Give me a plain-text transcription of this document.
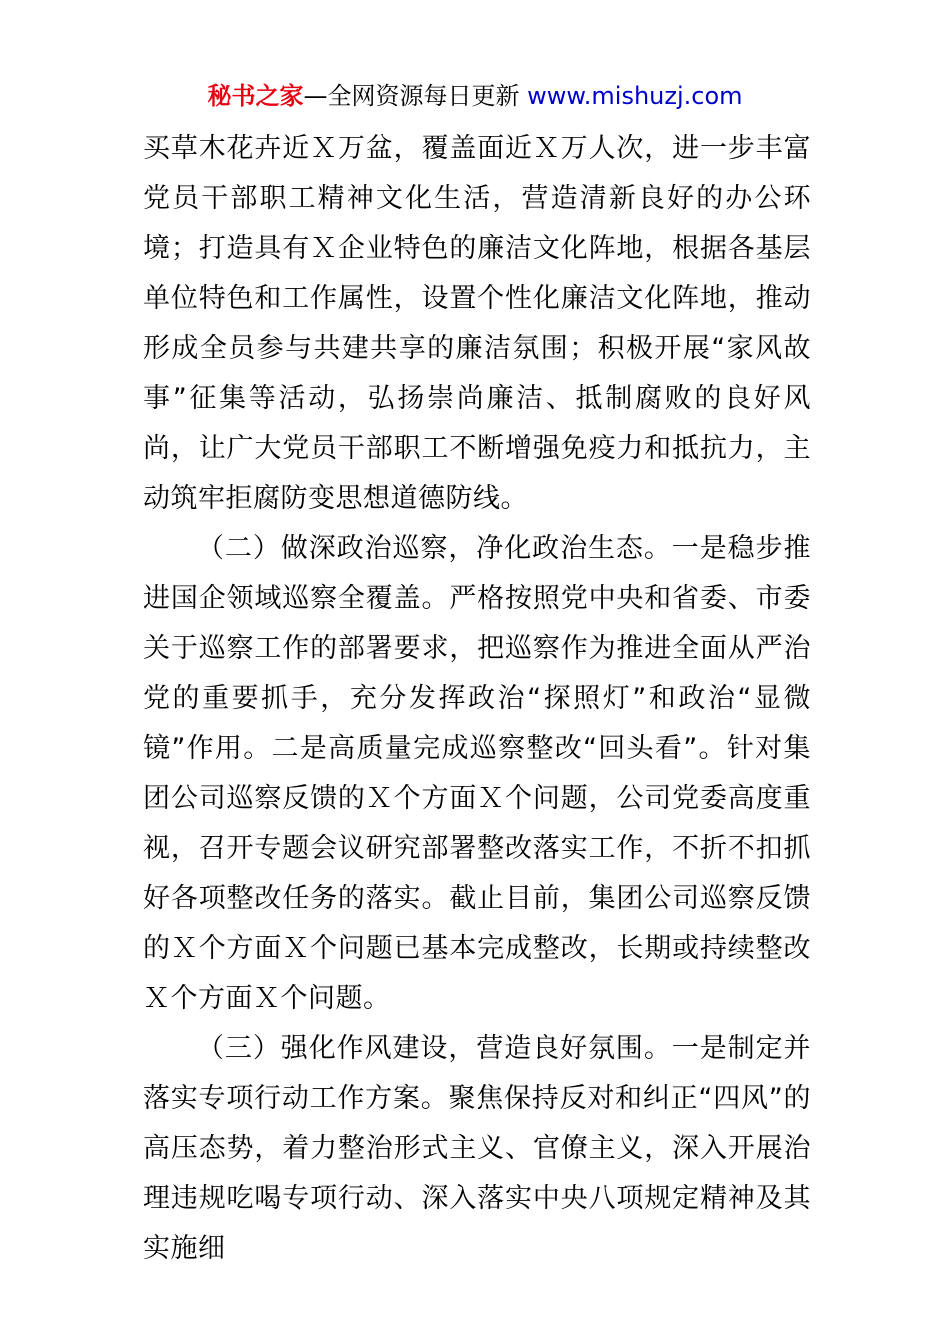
秘书之家—全网资源每日更新 www.mishuzj.com

买草木花卉近Ｘ万盆，覆盖面近Ｘ万人次，进一步丰富党员干部职工精神文化生活，营造清新良好的办公环境；打造具有Ｘ企业特色的廉洁文化阵地，根据各基层单位特色和工作属性，设置个性化廉洁文化阵地，推动形成全员参与共建共享的廉洁氛围；积极开展“家风故事”征集等活动，弘扬崇尚廉洁、抵制腐败的良好风尚，让广大党员干部职工不断增强免疫力和抵抗力，主动筑牢拒腐防变思想道德防线。

（二）做深政治巡察，净化政治生态。一是稳步推进国企领域巡察全覆盖。严格按照党中央和省委、市委关于巡察工作的部署要求，把巡察作为推进全面从严治党的重要抓手，充分发挥政治“探照灯”和政治“显微镜”作用。二是高质量完成巡察整改“回头看”。针对集团公司巡察反馈的Ｘ个方面Ｘ个问题，公司党委高度重视，召开专题会议研究部署整改落实工作，不折不扣抓好各项整改任务的落实。截止目前，集团公司巡察反馈的Ｘ个方面Ｘ个问题已基本完成整改，长期或持续整改Ｘ个方面Ｘ个问题。

（三）强化作风建设，营造良好氛围。一是制定并落实专项行动工作方案。聚焦保持反对和纠正“四风”的高压态势，着力整治形式主义、官僚主义，深入开展治理违规吃喝专项行动、深入落实中央八项规定精神及其实施细
